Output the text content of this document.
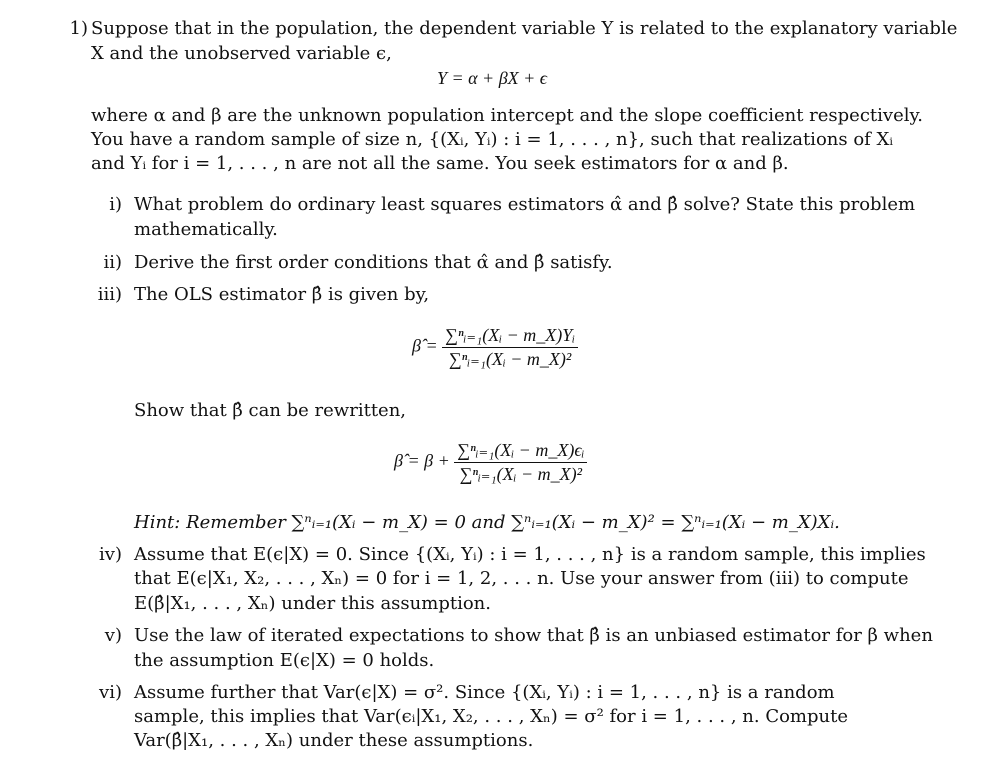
1) Suppose that in the population, the dependent variable Y is related to the explanatory variable
X and the unobserved variable ϵ,
Y = α + βX + ϵ
where α and β are the unknown population intercept and the slope coefficient respectively.
You have a random sample of size n, {(Xᵢ, Yᵢ) : i = 1, . . . , n}, such that realizations of Xᵢ
and Yᵢ for i = 1, . . . , n are not all the same. You seek estimators for α and β.
i) What problem do ordinary least squares estimators α̂ and β̂ solve? State this problem
mathematically.
ii) Derive the first order conditions that α̂ and β̂ satisfy.
iii) The OLS estimator β̂ is given by,
β̂ = $\frac{\text{∑ⁿᵢ₌₁(Xᵢ − m\_X)Yᵢ}}{\text{∑ⁿᵢ₌₁(Xᵢ − m\_X)²}}$
Show that β̂ can be rewritten,
β̂ = $\beta + \frac{\text{∑ⁿᵢ₌₁(Xᵢ − m\_X)ϵᵢ}}{\text{∑ⁿᵢ₌₁(Xᵢ − m\_X)²}}$
Hint: Remember ∑ⁿᵢ₌₁(Xᵢ − m_X) = 0 and ∑ⁿᵢ₌₁(Xᵢ − m_X)² = ∑ⁿᵢ₌₁(Xᵢ − m_X)Xᵢ.
iv) Assume that E(ϵ|X) = 0. Since {(Xᵢ, Yᵢ) : i = 1, . . . , n} is a random sample, this implies
that E(ϵ|X₁, X₂, . . . , Xₙ) = 0 for i = 1, 2, . . . n. Use your answer from (iii) to compute
E(β̂|X₁, . . . , Xₙ) under this assumption.
v) Use the law of iterated expectations to show that β̂ is an unbiased estimator for β when
the assumption E(ϵ|X) = 0 holds.
vi) Assume further that Var(ϵ|X) = σ². Since {(Xᵢ, Yᵢ) : i = 1, . . . , n} is a random
sample, this implies that Var(ϵᵢ|X₁, X₂, . . . , Xₙ) = σ² for i = 1, . . . , n. Compute
Var(β̂|X₁, . . . , Xₙ) under these assumptions.
